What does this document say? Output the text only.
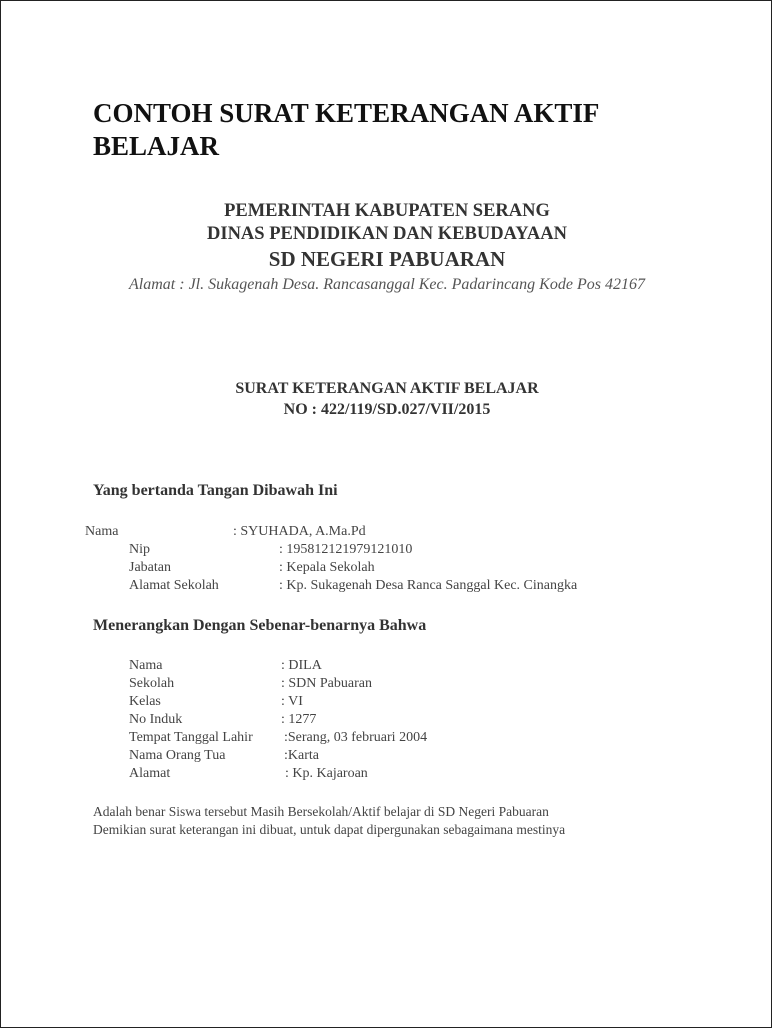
CONTOH SURAT KETERANGAN AKTIF
BELAJAR
PEMERINTAH KABUPATEN SERANG
DINAS PENDIDIKAN DAN KEBUDAYAAN
SD NEGERI PABUARAN
Alamat : Jl. Sukagenah Desa. Rancasanggal Kec. Padarincang Kode Pos 42167
SURAT KETERANGAN AKTIF BELAJAR
NO : 422/119/SD.027/VII/2015
Yang bertanda Tangan Dibawah Ini
Nama	: SYUHADA, A.Ma.Pd
Nip	: 195812121979121010
Jabatan	: Kepala Sekolah
Alamat Sekolah	: Kp. Sukagenah Desa Ranca Sanggal Kec. Cinangka
Menerangkan Dengan Sebenar-benarnya Bahwa
Nama	: DILA
Sekolah	: SDN Pabuaran
Kelas	: VI
No Induk	: 1277
Tempat Tanggal Lahir :Serang, 03 februari 2004
Nama Orang Tua	:Karta
Alamat	: Kp. Kajaroan
Adalah benar Siswa tersebut Masih Bersekolah/Aktif belajar di SD Negeri Pabuaran
Demikian surat keterangan ini dibuat, untuk dapat dipergunakan sebagaimana mestinya
